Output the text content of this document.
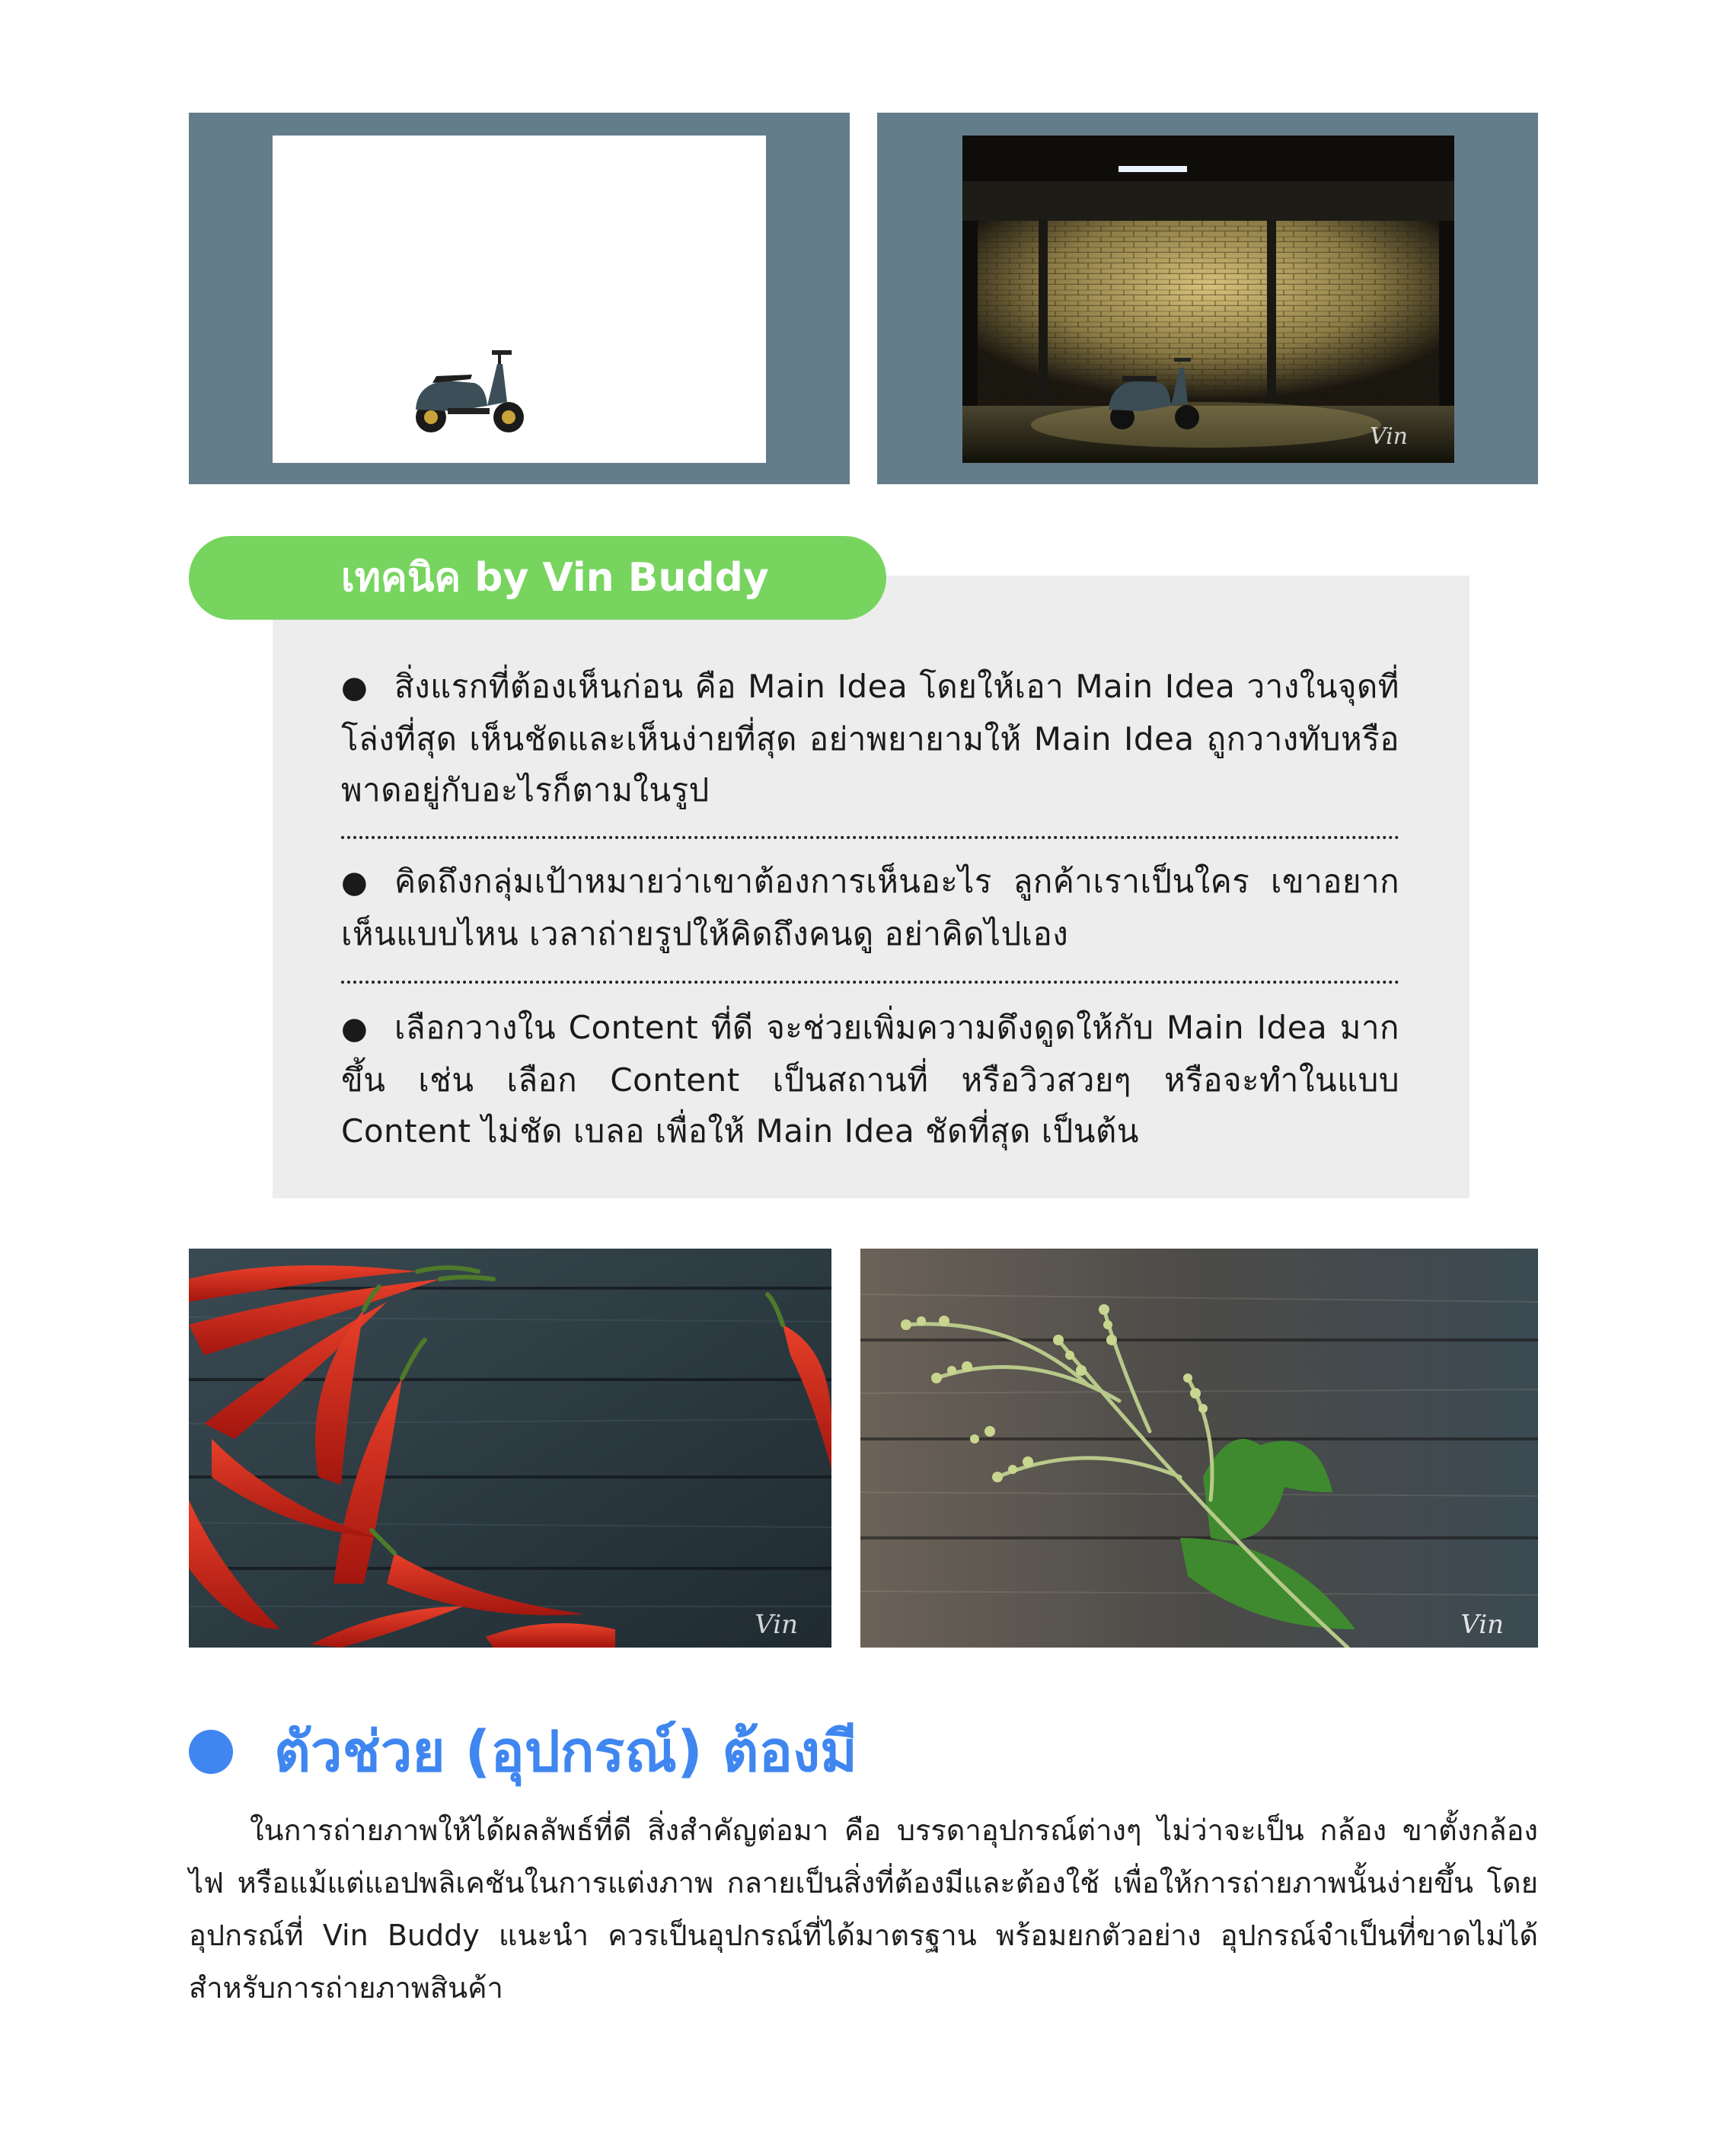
Vin
● สิ่งแรกที่ต้องเห็นก่อน คือ Main Idea โดยให้เอา Main Idea วางในจุดที่โล่งที่สุด เห็นชัดและเห็นง่ายที่สุด อย่าพยายามให้ Main Idea ถูกวางทับหรือพาดอยู่กับอะไรก็ตามในรูป
● คิดถึงกลุ่มเป้าหมายว่าเขาต้องการเห็นอะไร ลูกค้าเราเป็นใคร เขาอยากเห็นแบบไหน เวลาถ่ายรูปให้คิดถึงคนดู อย่าคิดไปเอง
● เลือกวางใน Content ที่ดี จะช่วยเพิ่มความดึงดูดให้กับ Main Idea มากขึ้น เช่น เลือก Content เป็นสถานที่ หรือวิวสวยๆ หรือจะทำในแบบ Content ไม่ชัด เบลอ เพื่อให้ Main Idea ชัดที่สุด เป็นต้น
เทคนิค by Vin Buddy
Vin	Vin
ตัวช่วย (อุปกรณ์) ต้องมี
ในการถ่ายภาพให้ได้ผลลัพธ์ที่ดี สิ่งสำคัญต่อมา คือ บรรดาอุปกรณ์ต่างๆ ไม่ว่าจะเป็น กล้อง ขาตั้งกล้อง ไฟ หรือแม้แต่แอปพลิเคชันในการแต่งภาพ กลายเป็นสิ่งที่ต้องมีและต้องใช้ เพื่อให้การถ่ายภาพนั้นง่ายขึ้น โดยอุปกรณ์ที่ Vin Buddy แนะนำ ควรเป็นอุปกรณ์ที่ได้มาตรฐาน พร้อมยกตัวอย่าง อุปกรณ์จำเป็นที่ขาดไม่ได้สำหรับการถ่ายภาพสินค้า
